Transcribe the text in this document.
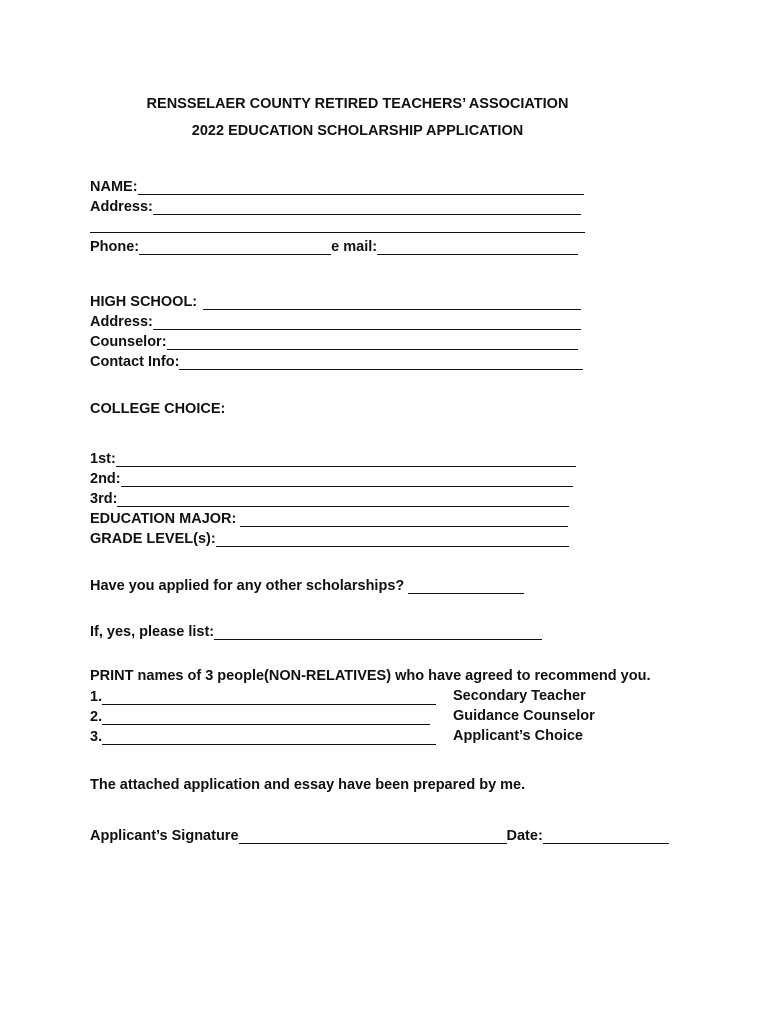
RENSSELAER COUNTY RETIRED TEACHERS’ ASSOCIATION
2022 EDUCATION SCHOLARSHIP APPLICATION
NAME:
Address:
Phone:	e mail:
HIGH SCHOOL:
Address:
Counselor:
Contact Info:
COLLEGE CHOICE:
1st:
2nd:
3rd:
EDUCATION MAJOR:
GRADE LEVEL(s):
Have you applied for any other scholarships?
If, yes, please list:
PRINT names of 3 people(NON-RELATIVES) who have agreed to recommend you.
1.	Secondary Teacher
2.	Guidance Counselor
3.	Applicant’s Choice
The attached application and essay have been prepared by me.
Applicant’s Signature	Date:
